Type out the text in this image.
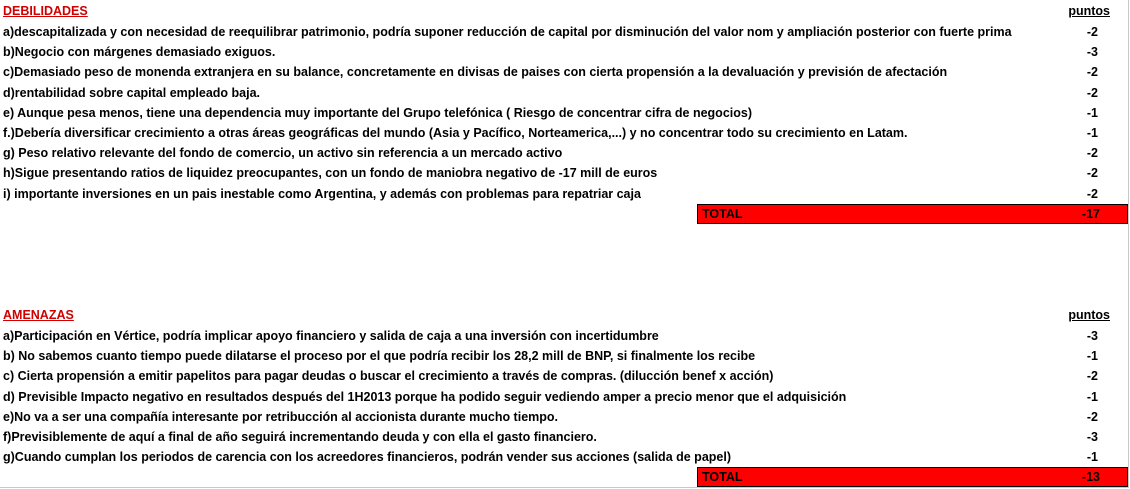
DEBILIDADES	puntos
a)descapitalizada y con necesidad de reequilibrar patrimonio, podría suponer reducción de capital por disminución del valor nom y ampliación posterior con fuerte prima	-2
b)Negocio con márgenes demasiado exiguos.	-3
c)Demasiado peso de monenda extranjera en su balance, concretamente en divisas de paises con cierta propensión a la devaluación y previsión de afectación	-2
d)rentabilidad sobre capital empleado baja.	-2
e) Aunque pesa menos, tiene una dependencia muy importante del Grupo telefónica ( Riesgo de concentrar cifra de negocios)	-1
f.)Debería diversificar crecimiento a otras áreas geográficas del mundo (Asia y Pacífico, Norteamerica,...) y no concentrar todo su crecimiento en Latam.	-1
g) Peso relativo relevante del fondo de comercio, un activo sin referencia a un mercado activo	-2
h)Sigue presentando ratios de liquidez preocupantes, con un fondo de maniobra negativo de -17 mill de euros	-2
i) importante inversiones en un pais inestable como Argentina, y además con problemas para repatriar caja	-2
TOTAL	-17
AMENAZAS	puntos
a)Participación en Vértice, podría implicar apoyo financiero y salida de caja a una inversión con incertidumbre	-3
b) No sabemos cuanto tiempo puede dilatarse el proceso por el que podría recibir los 28,2 mill de BNP, si finalmente los recibe	-1
c) Cierta propensión a emitir papelitos para pagar deudas o buscar el crecimiento a través de compras. (dilucción benef x acción)	-2
d) Previsible Impacto negativo en resultados después del 1H2013 porque ha podido seguir vediendo amper a precio menor que el adquisición	-1
e)No va a ser una compañía interesante por retribucción al accionista durante mucho tiempo.	-2
f)Previsiblemente de aquí a final de año seguirá incrementando deuda y con ella el gasto financiero.	-3
g)Cuando cumplan los periodos de carencia con los acreedores financieros, podrán vender sus acciones (salida de papel)	-1
TOTAL	-13
